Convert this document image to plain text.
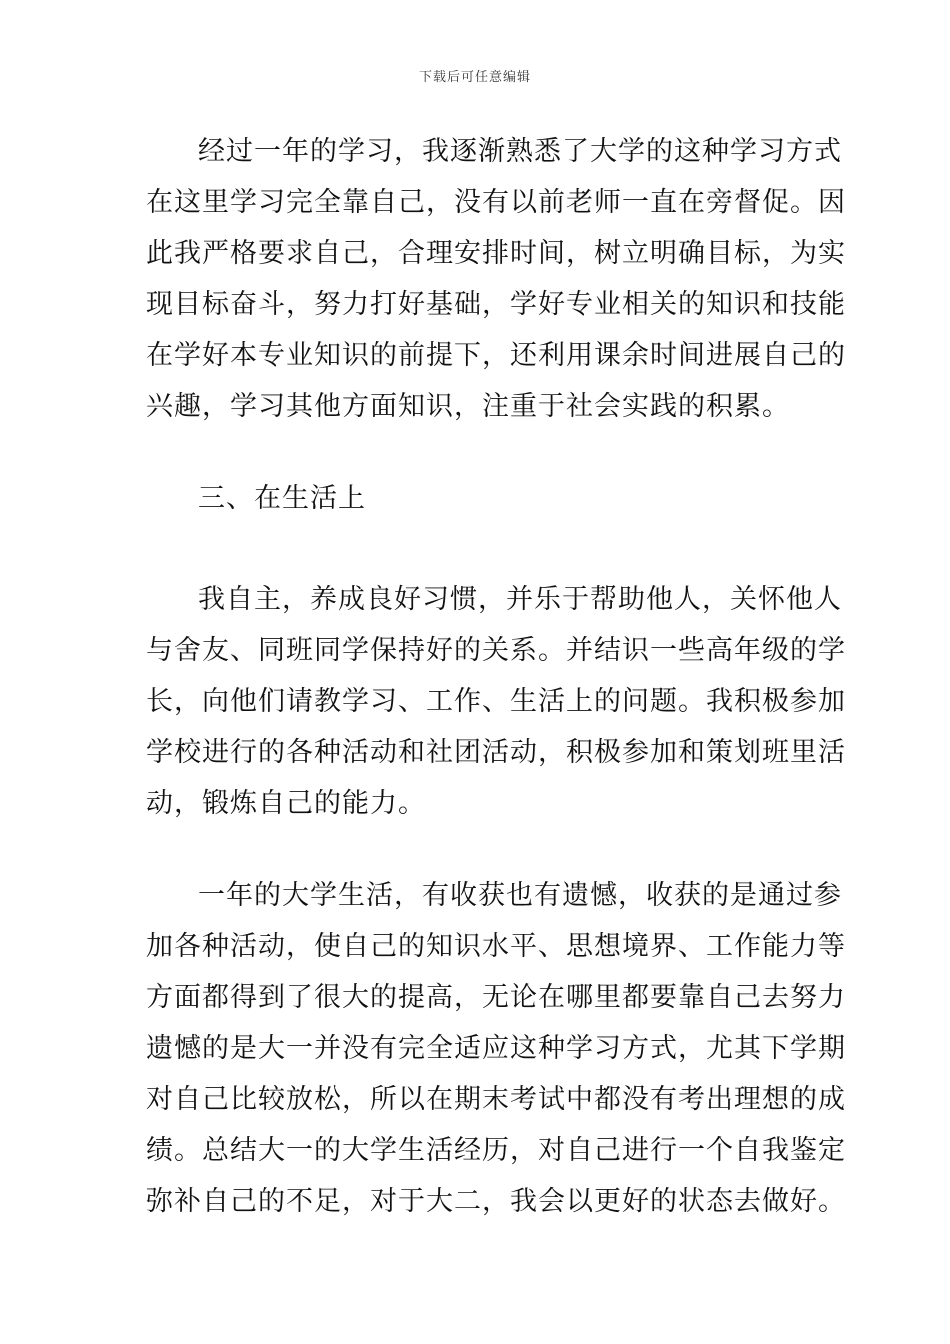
下载后可任意编辑

经过一年的学习，我逐渐熟悉了大学的这种学习方式
在这里学习完全靠自己，没有以前老师一直在旁督促。因
此我严格要求自己，合理安排时间，树立明确目标，为实
现目标奋斗，努力打好基础，学好专业相关的知识和技能
在学好本专业知识的前提下，还利用课余时间进展自己的
兴趣，学习其他方面知识，注重于社会实践的积累。

三、在生活上

我自主，养成良好习惯，并乐于帮助他人，关怀他人
与舍友、同班同学保持好的关系。并结识一些高年级的学
长，向他们请教学习、工作、生活上的问题。我积极参加
学校进行的各种活动和社团活动，积极参加和策划班里活
动，锻炼自己的能力。

一年的大学生活，有收获也有遗憾，收获的是通过参
加各种活动，使自己的知识水平、思想境界、工作能力等
方面都得到了很大的提高，无论在哪里都要靠自己去努力
遗憾的是大一并没有完全适应这种学习方式，尤其下学期
对自己比较放松，所以在期末考试中都没有考出理想的成
绩。总结大一的大学生活经历，对自己进行一个自我鉴定
弥补自己的不足，对于大二，我会以更好的状态去做好。
